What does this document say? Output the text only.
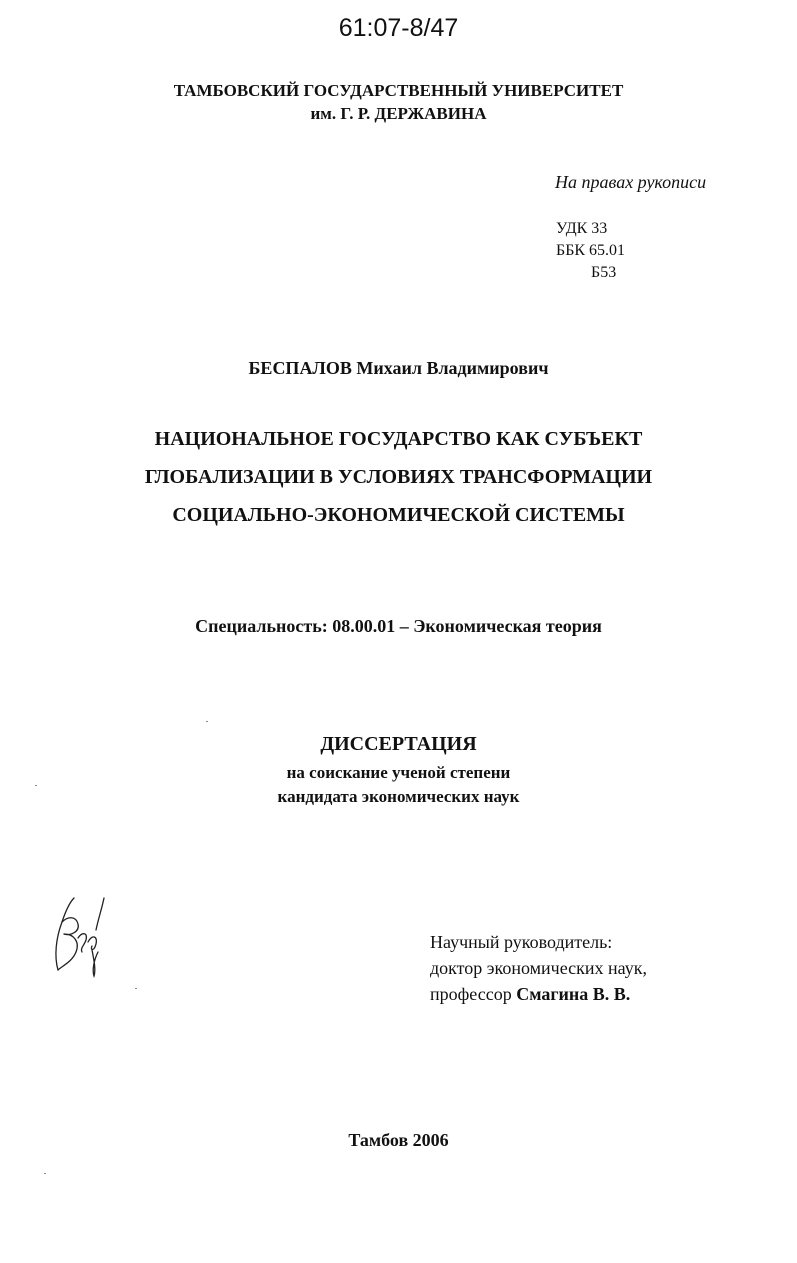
61:07-8/47
ТАМБОВСКИЙ ГОСУДАРСТВЕННЫЙ УНИВЕРСИТЕТ
им. Г. Р. ДЕРЖАВИНА
На правах рукописи
УДК 33
ББК 65.01
Б53
БЕСПАЛОВ Михаил Владимирович
НАЦИОНАЛЬНОЕ ГОСУДАРСТВО КАК СУБЪЕКТ
ГЛОБАЛИЗАЦИИ В УСЛОВИЯХ ТРАНСФОРМАЦИИ
СОЦИАЛЬНО-ЭКОНОМИЧЕСКОЙ СИСТЕМЫ
Специальность: 08.00.01 – Экономическая теория
ДИССЕРТАЦИЯ
на соискание ученой степени
кандидата экономических наук
Научный руководитель:
доктор экономических наук,
профессор Смагина В. В.
Тамбов 2006
